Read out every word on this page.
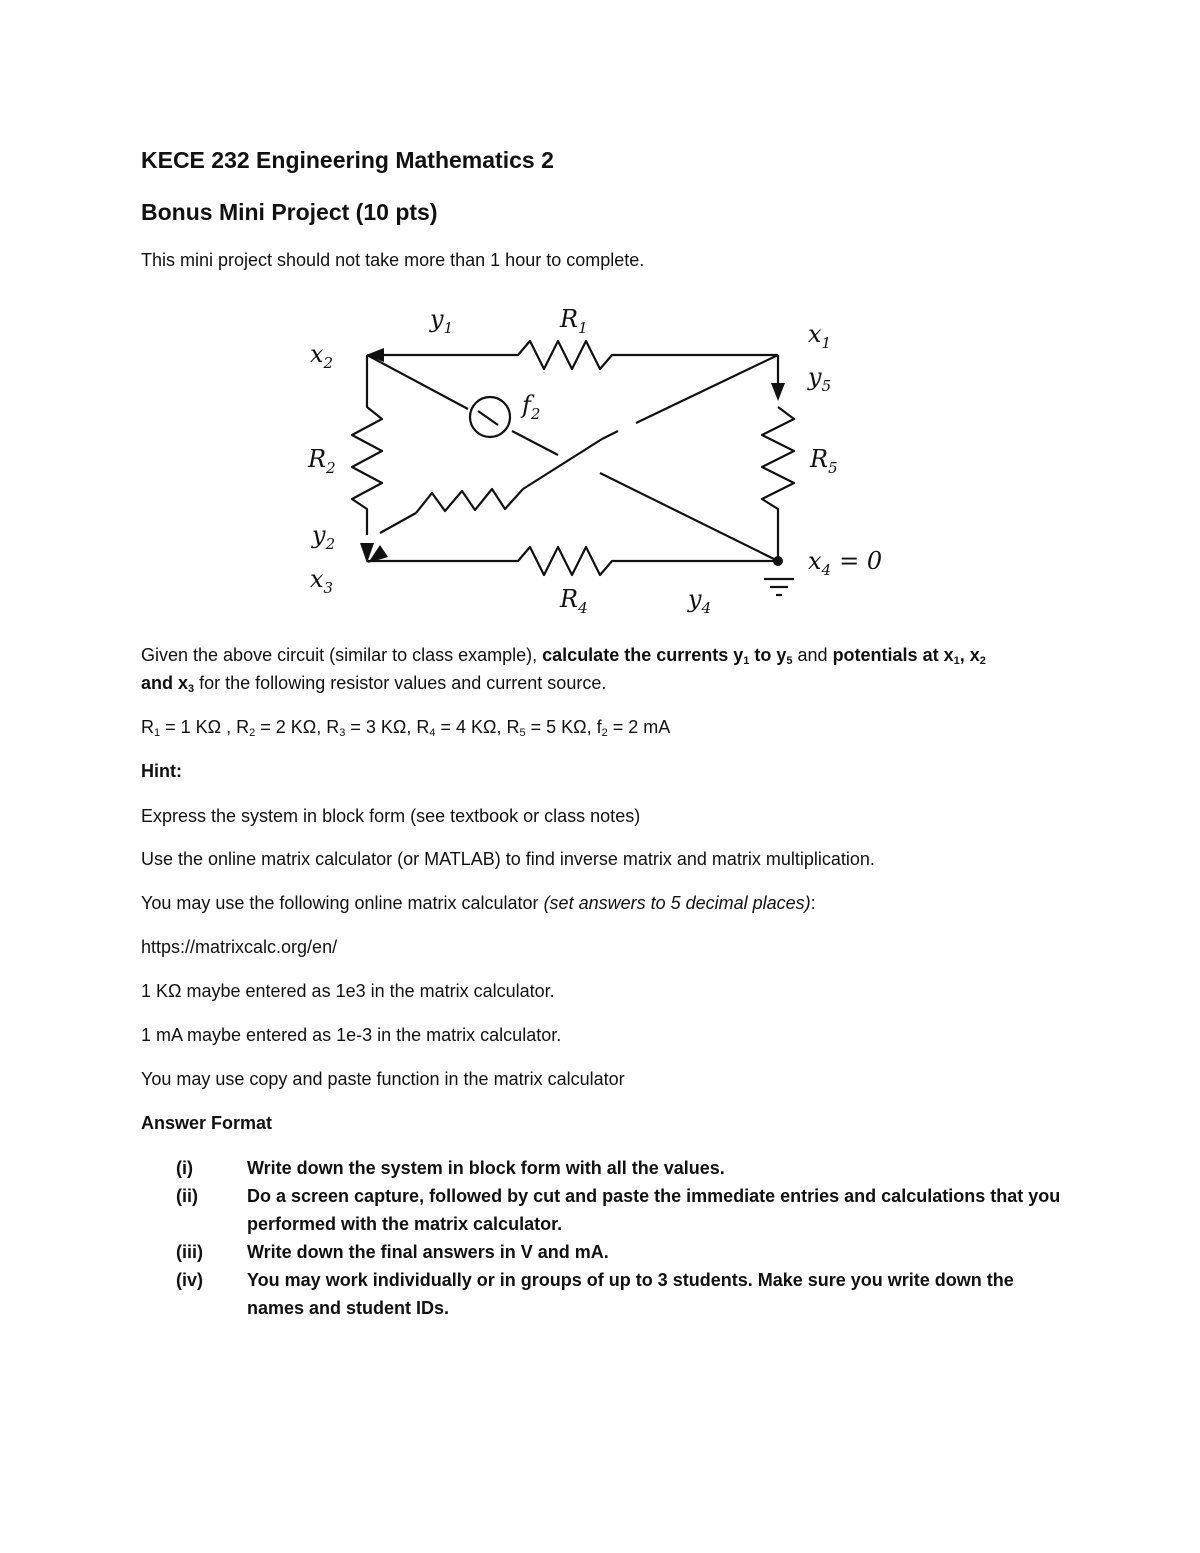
KECE 232 Engineering Mathematics 2
Bonus Mini Project (10 pts)
This mini project should not take more than 1 hour to complete.
$y_1$	$R_1$	$x_1$
$x_2$	$y_5$
$f_2$
$R_2$	$R_5$
$y_2$
$x_3$
$x_4 = 0$
$R_4$	$y_4$
Given the above circuit (similar to class example), calculate the currents $y_1$ to $y_5$ and potentials at $x_1$, $x_2$
and $x_3$ for the following resistor values and current source.
$R_1 = 1$ KΩ , $R_2 = 2$ KΩ, $R_3 = 3$ KΩ, $R_4 = 4$ KΩ, $R_5 = 5$ KΩ, $f_2 = 2$ mA
Hint:
Express the system in block form (see textbook or class notes)
Use the online matrix calculator (or MATLAB) to find inverse matrix and matrix multiplication.
You may use the following online matrix calculator (set answers to 5 decimal places):
https://matrixcalc.org/en/
1 KΩ maybe entered as 1e3 in the matrix calculator.
1 mA maybe entered as 1e-3 in the matrix calculator.
You may use copy and paste function in the matrix calculator
Answer Format
(i)	Write down the system in block form with all the values.
(ii)	Do a screen capture, followed by cut and paste the immediate entries and calculations that you performed with the matrix calculator.
(iii) Write down the final answers in V and mA.
(iv) You may work individually or in groups of up to 3 students. Make sure you write down the names and student IDs.
